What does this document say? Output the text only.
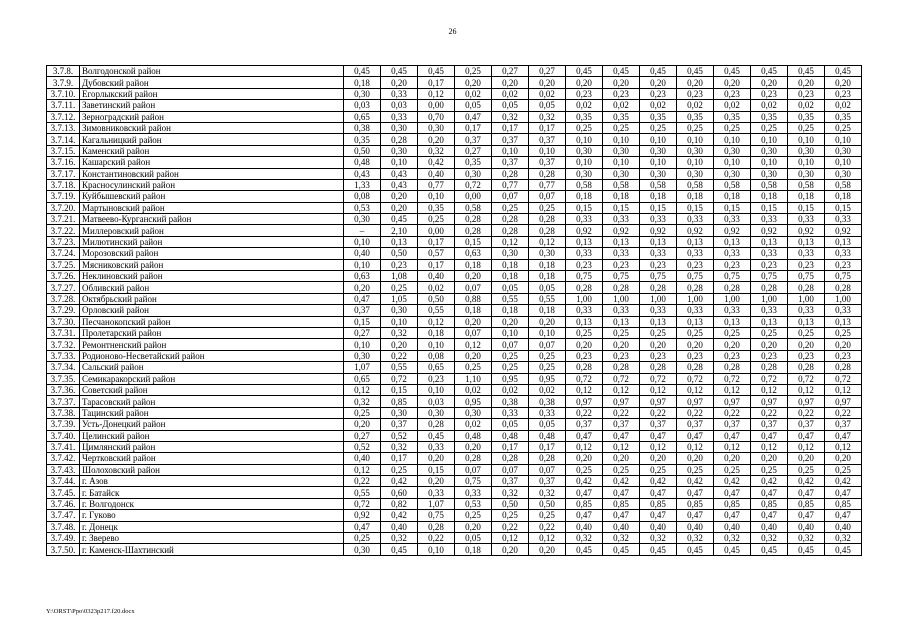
26
3.7.8.	Волгодонской район	0,45	0,45	0,45	0,25	0,27	0,27	0,45	0,45	0,45	0,45	0,45	0,45	0,45	0,45
3.7.9.	Дубовский район	0,18	0,20	0,17	0,20	0,20	0,20	0,20	0,20	0,20	0,20	0,20	0,20	0,20	0,20
3.7.10.	Егорлыкский район	0,30	0,33	0,12	0,02	0,02	0,02	0,23	0,23	0,23	0,23	0,23	0,23	0,23	0,23
3.7.11.	Заветинский район	0,03	0,03	0,00	0,05	0,05	0,05	0,02	0,02	0,02	0,02	0,02	0,02	0,02	0,02
3.7.12.	Зерноградский район	0,65	0,33	0,70	0,47	0,32	0,32	0,35	0,35	0,35	0,35	0,35	0,35	0,35	0,35
3.7.13.	Зимовниковский район	0,38	0,30	0,30	0,17	0,17	0,17	0,25	0,25	0,25	0,25	0,25	0,25	0,25	0,25
3.7.14.	Кагальницкий район	0,35	0,28	0,20	0,37	0,37	0,37	0,10	0,10	0,10	0,10	0,10	0,10	0,10	0,10
3.7.15.	Каменский район	0,50	0,30	0,32	0,27	0,10	0,10	0,30	0,30	0,30	0,30	0,30	0,30	0,30	0,30
3.7.16.	Кашарский район	0,48	0,10	0,42	0,35	0,37	0,37	0,10	0,10	0,10	0,10	0,10	0,10	0,10	0,10
3.7.17.	Константиновский район	0,43	0,43	0,40	0,30	0,28	0,28	0,30	0,30	0,30	0,30	0,30	0,30	0,30	0,30
3.7.18.	Красносулинский район	1,33	0,43	0,77	0,72	0,77	0,77	0,58	0,58	0,58	0,58	0,58	0,58	0,58	0,58
3.7.19.	Куйбышевский район	0,08	0,20	0,10	0,00	0,07	0,07	0,18	0,18	0,18	0,18	0,18	0,18	0,18	0,18
3.7.20.	Мартыновский район	0,53	0,20	0,35	0,58	0,25	0,25	0,15	0,15	0,15	0,15	0,15	0,15	0,15	0,15
3.7.21.	Матвеево-Курганский район	0,30	0,45	0,25	0,28	0,28	0,28	0,33	0,33	0,33	0,33	0,33	0,33	0,33	0,33
3.7.22.	Миллеровский район	–	2,10	0,00	0,28	0,28	0,28	0,92	0,92	0,92	0,92	0,92	0,92	0,92	0,92
3.7.23.	Милютинский район	0,10	0,13	0,17	0,15	0,12	0,12	0,13	0,13	0,13	0,13	0,13	0,13	0,13	0,13
3.7.24.	Морозовский район	0,40	0,50	0,57	0,63	0,30	0,30	0,33	0,33	0,33	0,33	0,33	0,33	0,33	0,33
3.7.25.	Мясниковский район	0,10	0,23	0,17	0,18	0,18	0,18	0,23	0,23	0,23	0,23	0,23	0,23	0,23	0,23
3.7.26.	Неклиновский район	0,63	1,08	0,40	0,20	0,18	0,18	0,75	0,75	0,75	0,75	0,75	0,75	0,75	0,75
3.7.27.	Обливский район	0,20	0,25	0,02	0,07	0,05	0,05	0,28	0,28	0,28	0,28	0,28	0,28	0,28	0,28
3.7.28.	Октябрьский район	0,47	1,05	0,50	0,88	0,55	0,55	1,00	1,00	1,00	1,00	1,00	1,00	1,00	1,00
3.7.29.	Орловский район	0,37	0,30	0,55	0,18	0,18	0,18	0,33	0,33	0,33	0,33	0,33	0,33	0,33	0,33
3.7.30.	Песчанокопский район	0,15	0,10	0,12	0,20	0,20	0,20	0,13	0,13	0,13	0,13	0,13	0,13	0,13	0,13
3.7.31.	Пролетарский район	0,27	0,32	0,18	0,07	0,10	0,10	0,25	0,25	0,25	0,25	0,25	0,25	0,25	0,25
3.7.32.	Ремонтненский район	0,10	0,20	0,10	0,12	0,07	0,07	0,20	0,20	0,20	0,20	0,20	0,20	0,20	0,20
3.7.33.	Родионово-Несветайский район	0,30	0,22	0,08	0,20	0,25	0,25	0,23	0,23	0,23	0,23	0,23	0,23	0,23	0,23
3.7.34.	Сальский район	1,07	0,55	0,65	0,25	0,25	0,25	0,28	0,28	0,28	0,28	0,28	0,28	0,28	0,28
3.7.35.	Семикаракорский район	0,65	0,72	0,23	1,10	0,95	0,95	0,72	0,72	0,72	0,72	0,72	0,72	0,72	0,72
3.7.36.	Советский район	0,12	0,15	0,10	0,02	0,02	0,02	0,12	0,12	0,12	0,12	0,12	0,12	0,12	0,12
3.7.37.	Тарасовский район	0,32	0,85	0,03	0,95	0,38	0,38	0,97	0,97	0,97	0,97	0,97	0,97	0,97	0,97
3.7.38.	Тацинский район	0,25	0,30	0,30	0,30	0,33	0,33	0,22	0,22	0,22	0,22	0,22	0,22	0,22	0,22
3.7.39.	Усть-Донецкий район	0,20	0,37	0,28	0,02	0,05	0,05	0,37	0,37	0,37	0,37	0,37	0,37	0,37	0,37
3.7.40.	Целинский район	0,27	0,52	0,45	0,48	0,48	0,48	0,47	0,47	0,47	0,47	0,47	0,47	0,47	0,47
3.7.41.	Цимлянский район	0,52	0,32	0,33	0,20	0,17	0,17	0,12	0,12	0,12	0,12	0,12	0,12	0,12	0,12
3.7.42.	Чертковский район	0,40	0,17	0,20	0,28	0,28	0,28	0,20	0,20	0,20	0,20	0,20	0,20	0,20	0,20
3.7.43.	Шолоховский район	0,12	0,25	0,15	0,07	0,07	0,07	0,25	0,25	0,25	0,25	0,25	0,25	0,25	0,25
3.7.44.	г. Азов	0,22	0,42	0,20	0,75	0,37	0,37	0,42	0,42	0,42	0,42	0,42	0,42	0,42	0,42
3.7.45.	г. Батайск	0,55	0,60	0,33	0,33	0,32	0,32	0,47	0,47	0,47	0,47	0,47	0,47	0,47	0,47
3.7.46.	г. Волгодонск	0,72	0,82	1,07	0,53	0,50	0,50	0,85	0,85	0,85	0,85	0,85	0,85	0,85	0,85
3.7.47.	г. Гуково	0,92	0,42	0,75	0,25	0,25	0,25	0,47	0,47	0,47	0,47	0,47	0,47	0,47	0,47
3.7.48.	г. Донецк	0,47	0,40	0,28	0,20	0,22	0,22	0,40	0,40	0,40	0,40	0,40	0,40	0,40	0,40
3.7.49.	г. Зверево	0,25	0,32	0,22	0,05	0,12	0,12	0,32	0,32	0,32	0,32	0,32	0,32	0,32	0,32
3.7.50.	г. Каменск-Шахтинский	0,30	0,45	0,10	0,18	0,20	0,20	0,45	0,45	0,45	0,45	0,45	0,45	0,45	0,45
Y:\ORST\Ppo\0323p217.f20.docx
